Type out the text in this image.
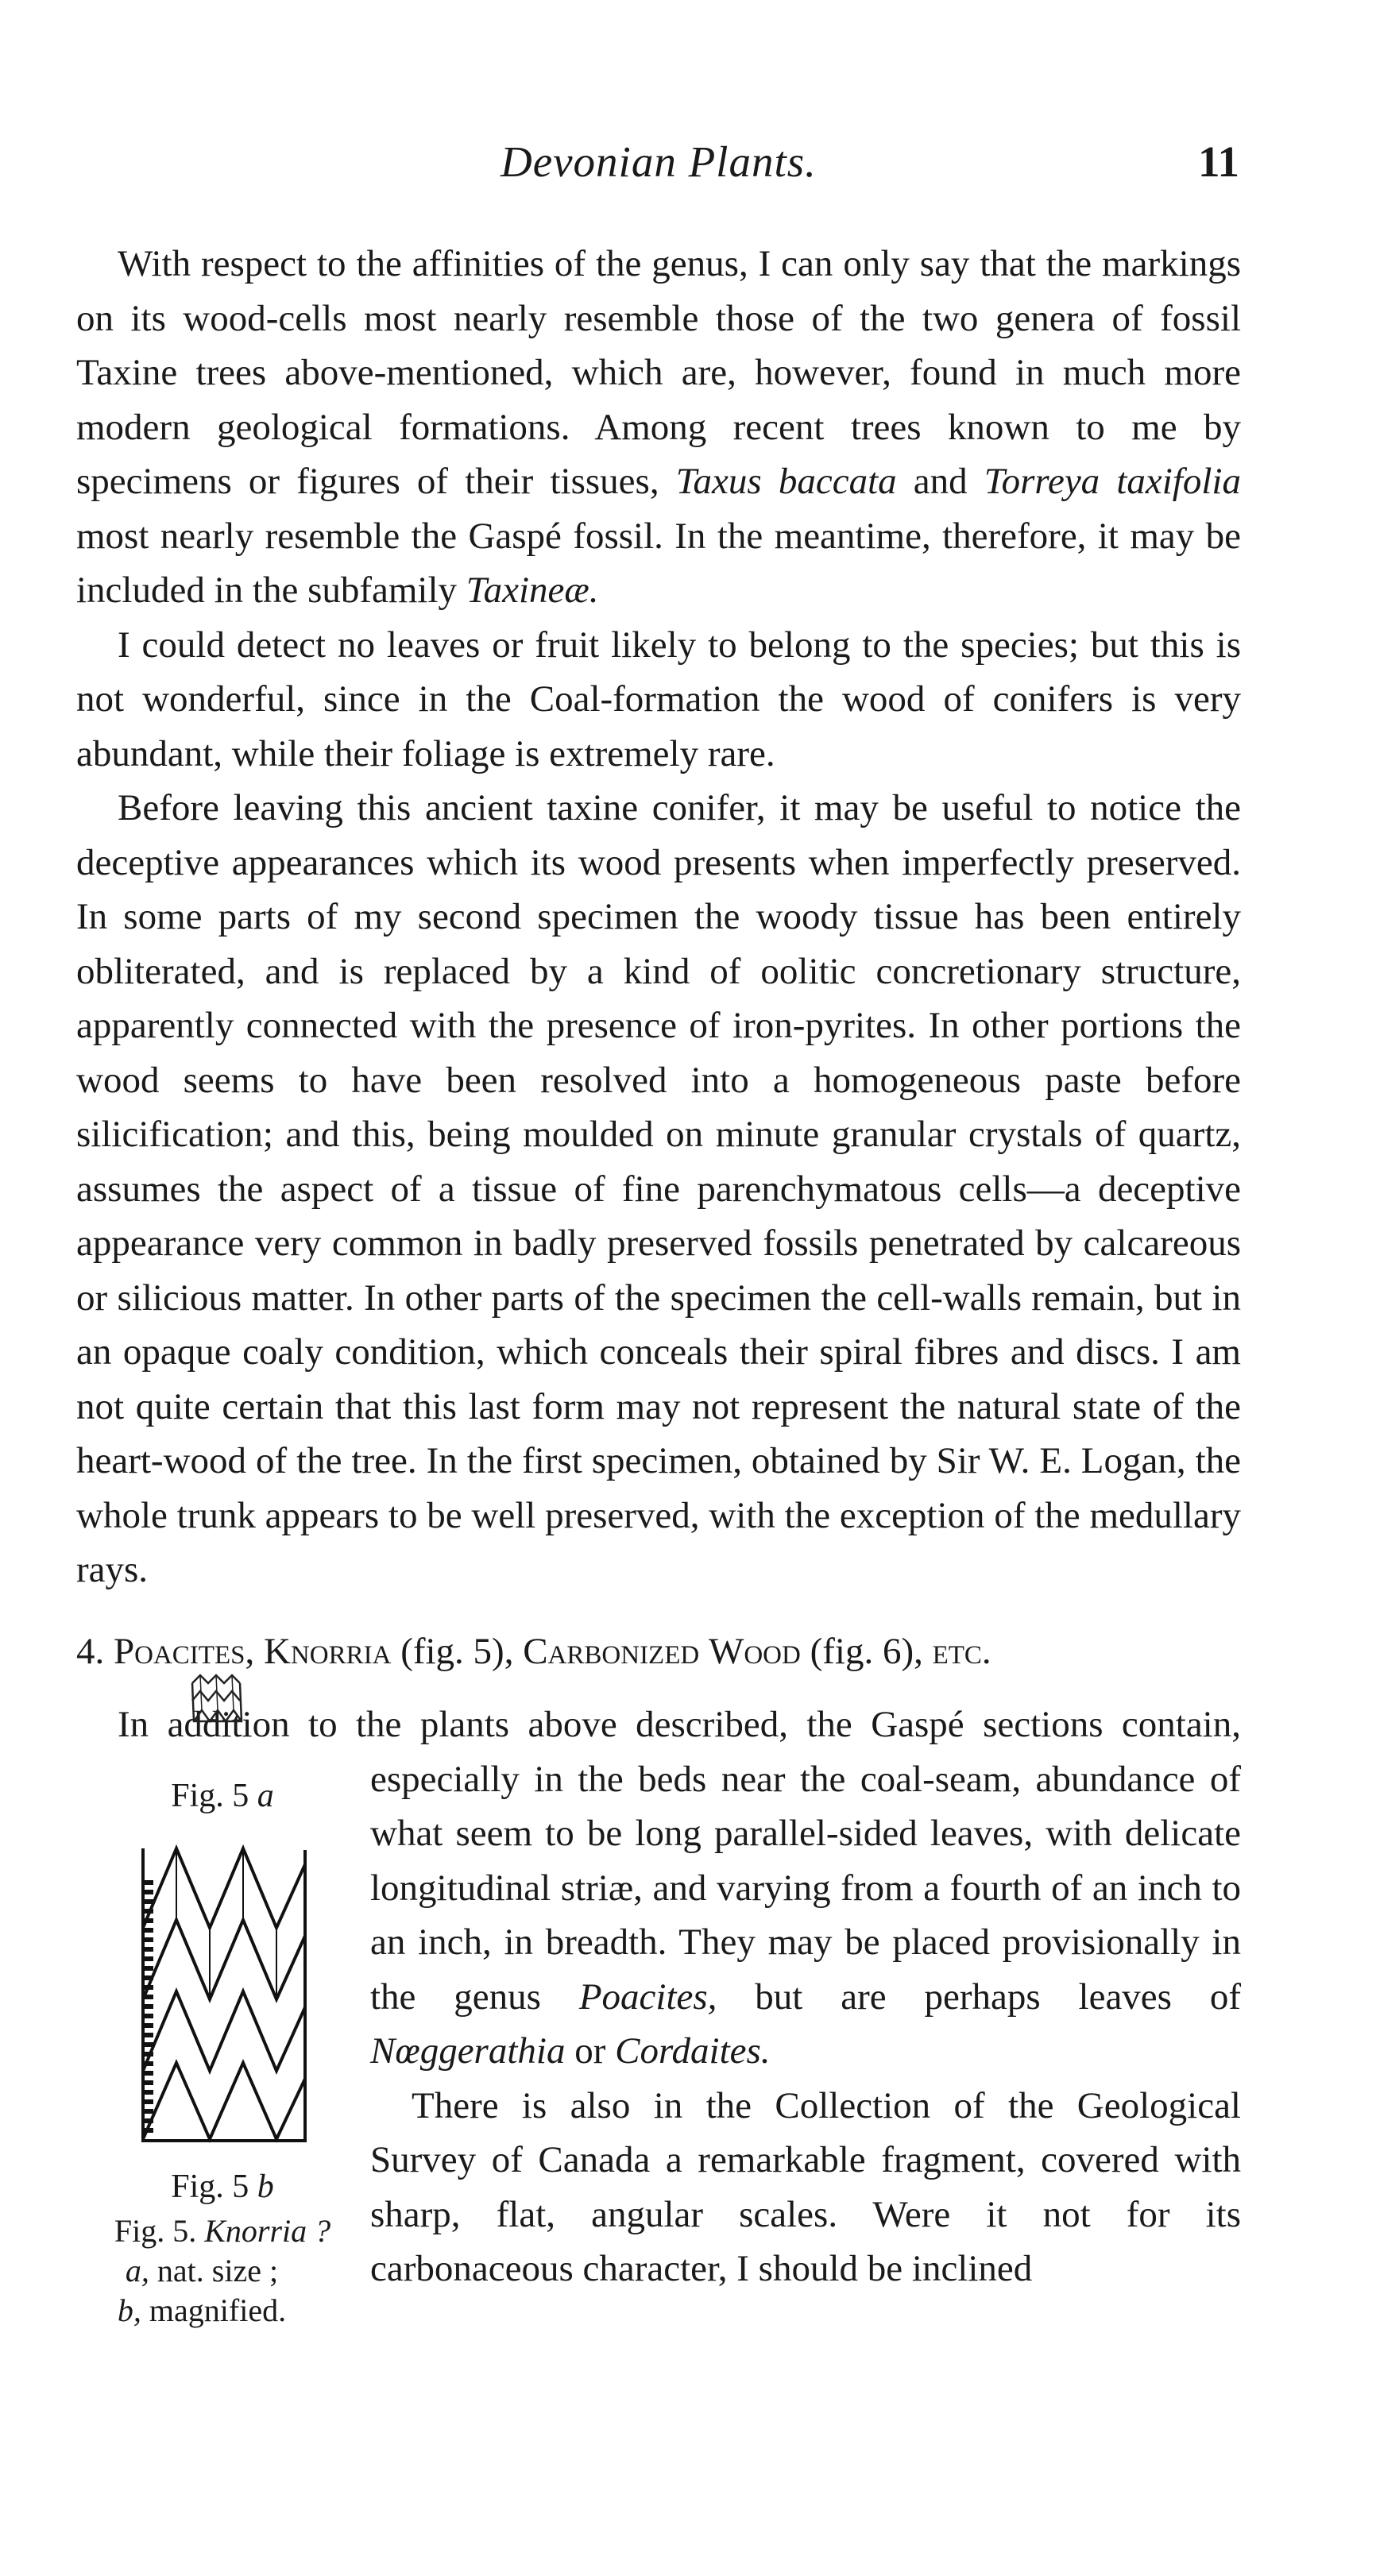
Devonian Plants.	11

With respect to the affinities of the genus, I can only say that the markings on its wood-cells most nearly resemble those of the two genera of fossil Taxine trees above-mentioned, which are, however, found in much more modern geological formations. Among recent trees known to me by specimens or figures of their tissues, Taxus baccata and Torreya taxifolia most nearly resemble the Gaspé fossil. In the meantime, therefore, it may be included in the subfamily Taxineæ.

I could detect no leaves or fruit likely to belong to the species; but this is not wonderful, since in the Coal-formation the wood of conifers is very abundant, while their foliage is extremely rare.

Before leaving this ancient taxine conifer, it may be useful to notice the deceptive appearances which its wood presents when imperfectly preserved. In some parts of my second specimen the woody tissue has been entirely obliterated, and is replaced by a kind of oolitic concretionary structure, apparently connected with the presence of iron-pyrites. In other portions the wood seems to have been resolved into a homogeneous paste before silicification; and this, being moulded on minute granular crystals of quartz, assumes the aspect of a tissue of fine parenchymatous cells—a deceptive appearance very common in badly preserved fossils penetrated by calcareous or silicious matter. In other parts of the specimen the cell-walls remain, but in an opaque coaly condition, which conceals their spiral fibres and discs. I am not quite certain that this last form may not represent the natural state of the heart-wood of the tree. In the first specimen, obtained by Sir W. E. Logan, the whole trunk appears to be well preserved, with the exception of the medullary rays.

4. Poacites, Knorria (fig. 5), Carbonized Wood (fig. 6), etc.

In addition to the plants above described, the Gaspé sections contain, especially in the beds near the coal-seam, abundance of
Fig. 5 a
Fig. 5 b
Fig. 5. Knorria ?
a, nat. size ;
b, magnified.
what seem to be long parallel-sided leaves, with delicate longitudinal striæ, and varying from a fourth of an inch to an inch, in breadth. They may be placed provisionally in the genus Poacites, but are perhaps leaves of Nœggerathia or Cordaites.

There is also in the Collection of the Geological Survey of Canada a remarkable fragment, covered with sharp, flat, angular scales. Were it not for its carbonaceous character, I should be inclined
